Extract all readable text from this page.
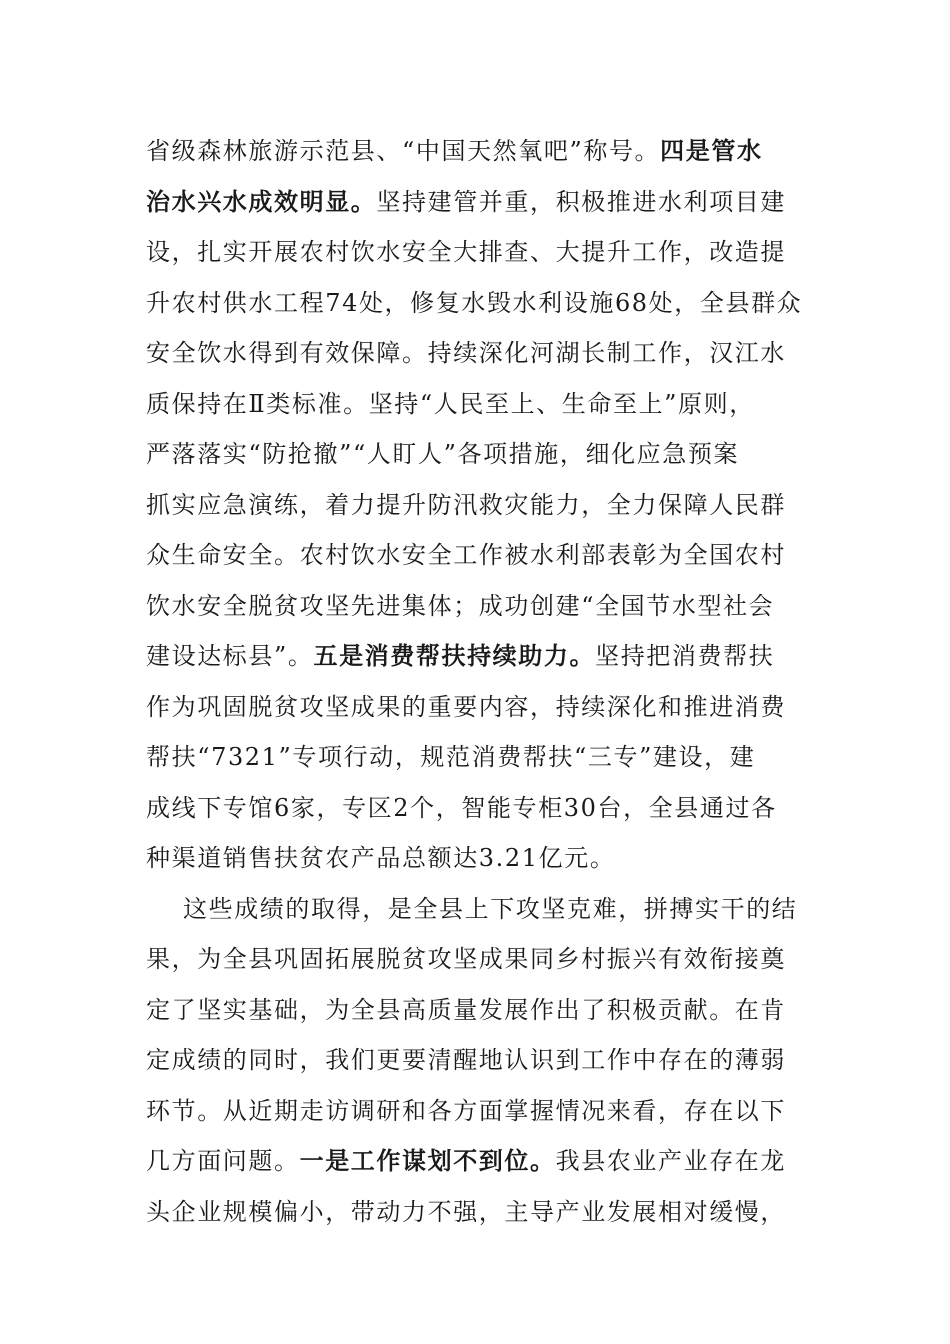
省级森林旅游示范县、“中国天然氧吧”称号。四是管水
治水兴水成效明显。坚持建管并重，积极推进水利项目建
设，扎实开展农村饮水安全大排查、大提升工作，改造提
升农村供水工程74处，修复水毁水利设施68处，全县群众
安全饮水得到有效保障。持续深化河湖长制工作，汉江水
质保持在Ⅱ类标准。坚持“人民至上、生命至上”原则，
严落落实“防抢撤”“人盯人”各项措施，细化应急预案
抓实应急演练，着力提升防汛救灾能力，全力保障人民群
众生命安全。农村饮水安全工作被水利部表彰为全国农村
饮水安全脱贫攻坚先进集体；成功创建“全国节水型社会
建设达标县”。五是消费帮扶持续助力。坚持把消费帮扶
作为巩固脱贫攻坚成果的重要内容，持续深化和推进消费
帮扶“7321”专项行动，规范消费帮扶“三专”建设，建
成线下专馆6家，专区2个，智能专柜30台，全县通过各
种渠道销售扶贫农产品总额达3.21亿元。
这些成绩的取得，是全县上下攻坚克难，拼搏实干的结
果，为全县巩固拓展脱贫攻坚成果同乡村振兴有效衔接奠
定了坚实基础，为全县高质量发展作出了积极贡献。在肯
定成绩的同时，我们更要清醒地认识到工作中存在的薄弱
环节。从近期走访调研和各方面掌握情况来看，存在以下
几方面问题。一是工作谋划不到位。我县农业产业存在龙
头企业规模偏小，带动力不强，主导产业发展相对缓慢，
